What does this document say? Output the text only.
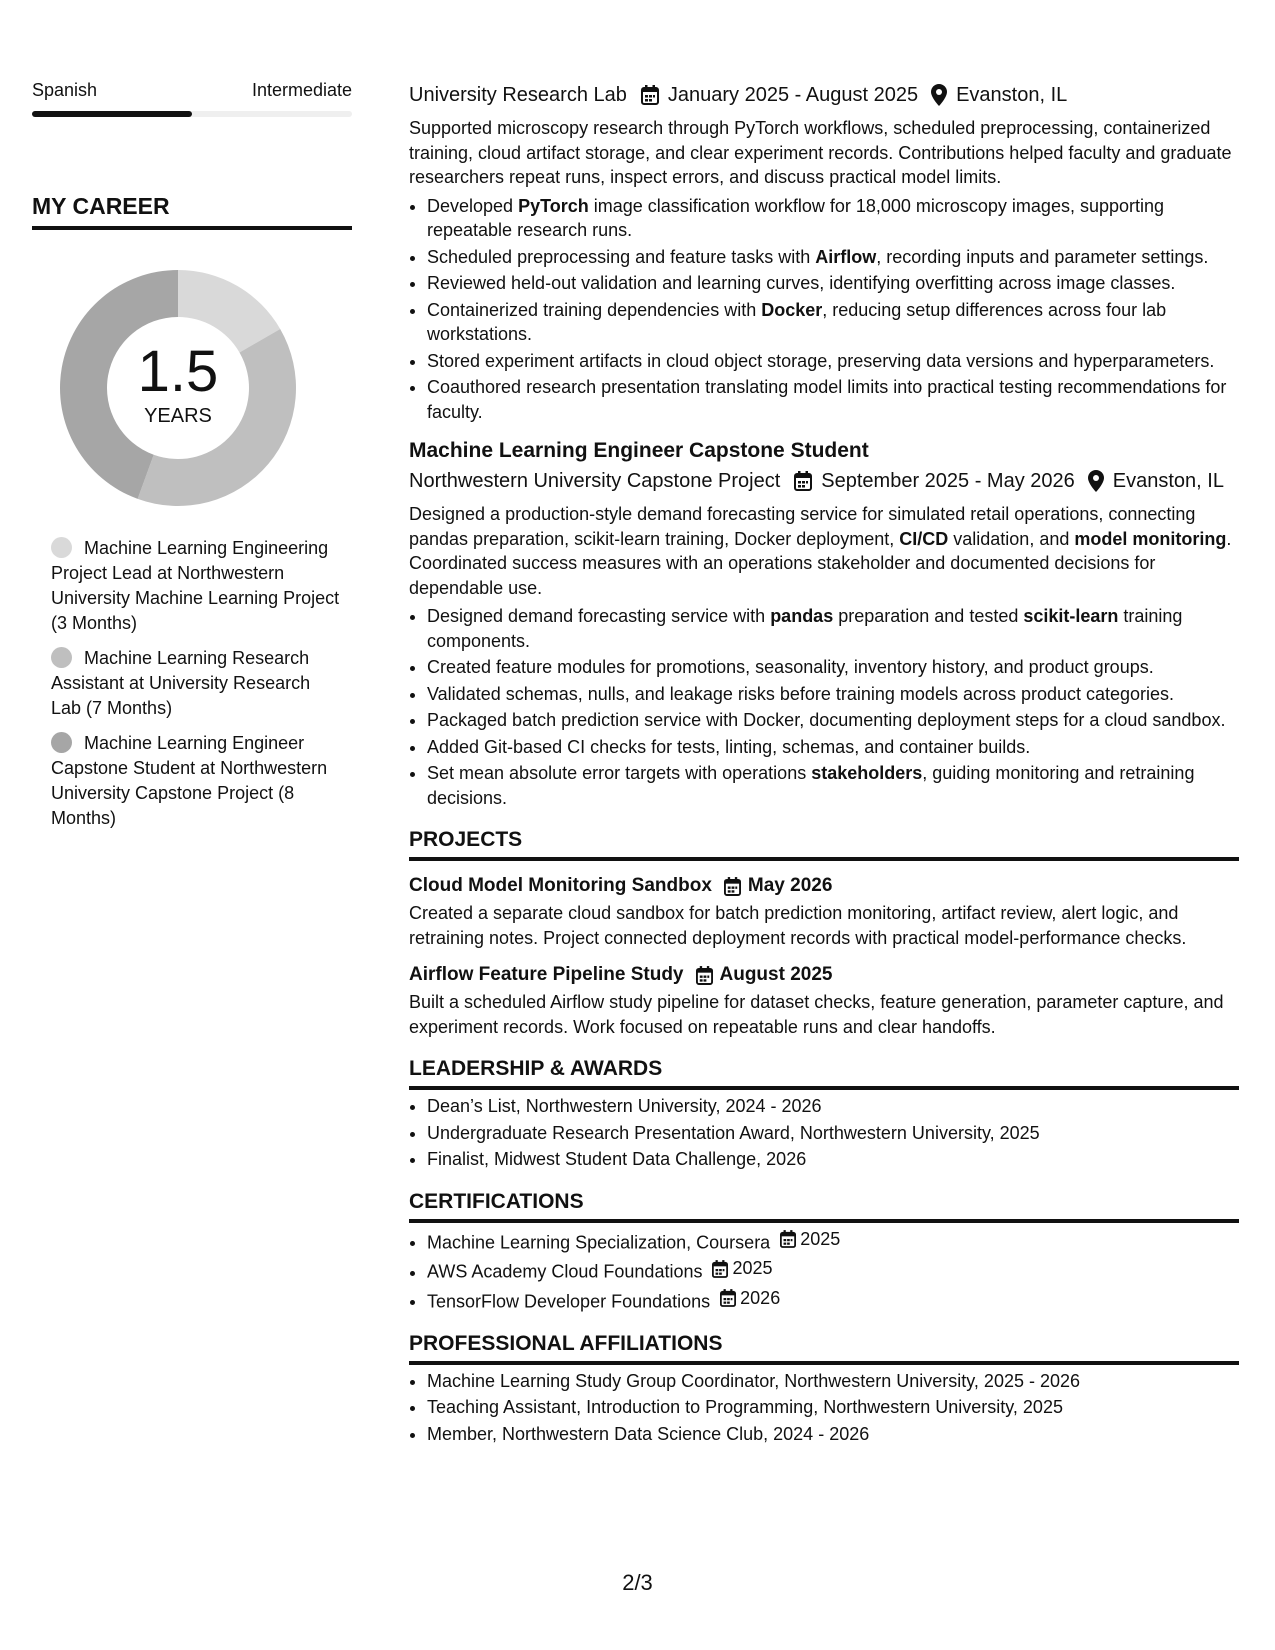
Spanish	Intermediate
MY CAREER
1.5
YEARS
Machine Learning Engineering Project Lead at Northwestern University Machine Learning Project (3 Months)
Machine Learning Research Assistant at University Research Lab (7 Months)
Machine Learning Engineer Capstone Student at Northwestern University Capstone Project (8 Months)
University Research Lab January 2025 - August 2025 Evanston, IL
Supported microscopy research through PyTorch workflows, scheduled preprocessing, containerized training, cloud artifact storage, and clear experiment records. Contributions helped faculty and graduate researchers repeat runs, inspect errors, and discuss practical model limits.
• Developed PyTorch image classification workflow for 18,000 microscopy images, supporting repeatable research runs.
• Scheduled preprocessing and feature tasks with Airflow, recording inputs and parameter settings.
• Reviewed held-out validation and learning curves, identifying overfitting across image classes.
• Containerized training dependencies with Docker, reducing setup differences across four lab workstations.
• Stored experiment artifacts in cloud object storage, preserving data versions and hyperparameters.
• Coauthored research presentation translating model limits into practical testing recommendations for faculty.
Machine Learning Engineer Capstone Student
Northwestern University Capstone Project September 2025 - May 2026 Evanston, IL
Designed a production-style demand forecasting service for simulated retail operations, connecting pandas preparation, scikit-learn training, Docker deployment, CI/CD validation, and model monitoring. Coordinated success measures with an operations stakeholder and documented decisions for dependable use.
• Designed demand forecasting service with pandas preparation and tested scikit-learn training components.
• Created feature modules for promotions, seasonality, inventory history, and product groups.
• Validated schemas, nulls, and leakage risks before training models across product categories.
• Packaged batch prediction service with Docker, documenting deployment steps for a cloud sandbox.
• Added Git-based CI checks for tests, linting, schemas, and container builds.
• Set mean absolute error targets with operations stakeholders, guiding monitoring and retraining decisions.
PROJECTS
Cloud Model Monitoring Sandbox May 2026
Created a separate cloud sandbox for batch prediction monitoring, artifact review, alert logic, and retraining notes. Project connected deployment records with practical model-performance checks.
Airflow Feature Pipeline Study August 2025
Built a scheduled Airflow study pipeline for dataset checks, feature generation, parameter capture, and experiment records. Work focused on repeatable runs and clear handoffs.
LEADERSHIP & AWARDS
• Dean’s List, Northwestern University, 2024 - 2026
• Undergraduate Research Presentation Award, Northwestern University, 2025
• Finalist, Midwest Student Data Challenge, 2026
CERTIFICATIONS
• Machine Learning Specialization, Coursera 2025
• AWS Academy Cloud Foundations 2025
• TensorFlow Developer Foundations 2026
PROFESSIONAL AFFILIATIONS
• Machine Learning Study Group Coordinator, Northwestern University, 2025 - 2026
• Teaching Assistant, Introduction to Programming, Northwestern University, 2025
• Member, Northwestern Data Science Club, 2024 - 2026
2/3
